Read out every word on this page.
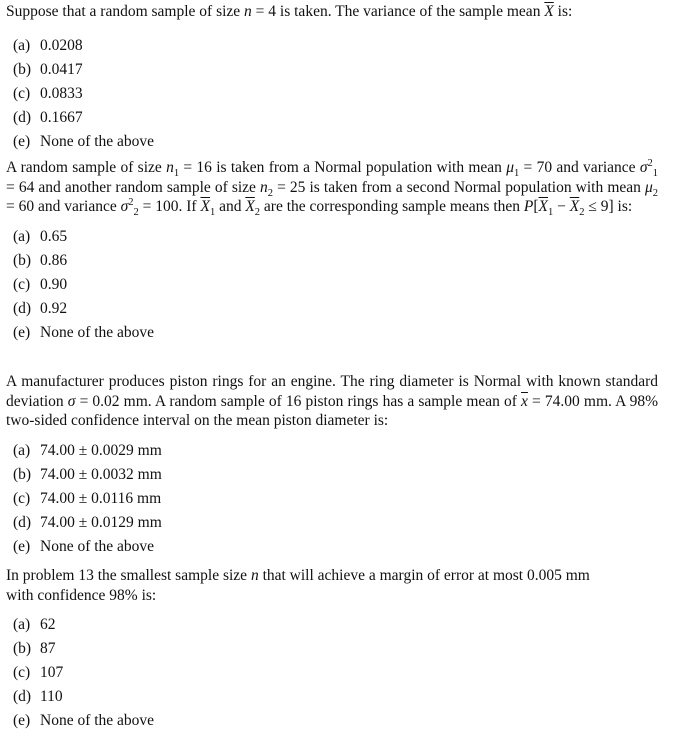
Suppose that a random sample of size n = 4 is taken. The variance of the sample mean $\overline{X}$ is:

(a) 0.0208
(b) 0.0417
(c) 0.0833
(d) 0.1667
(e) None of the above

A random sample of size $n_1 = 16$ is taken from a Normal population with mean $\mu_1 = 70$ and variance $\sigma^2_1 = 64$ and another random sample of size $n_2 = 25$ is taken from a second Normal population with mean $\mu_2 = 60$ and variance $\sigma^2_2 = 100$. If $\overline{X}_1$ and $\overline{X}_2$ are the corresponding sample means then $P[\overline{X}_1 - \overline{X}_2 \le 9]$ is:

(a) 0.65
(b) 0.86
(c) 0.90
(d) 0.92
(e) None of the above

A manufacturer produces piston rings for an engine. The ring diameter is Normal with known standard deviation σ = 0.02 mm. A random sample of 16 piston rings has a sample mean of $\overline{x} = 74.00$ mm. A 98% two-sided confidence interval on the mean piston diameter is:

(a) 74.00 ± 0.0029 mm
(b) 74.00 ± 0.0032 mm
(c) 74.00 ± 0.0116 mm
(d) 74.00 ± 0.0129 mm
(e) None of the above

In problem 13 the smallest sample size n that will achieve a margin of error at most 0.005 mm
with confidence 98% is:

(a) 62
(b) 87
(c) 107
(d) 110
(e) None of the above
